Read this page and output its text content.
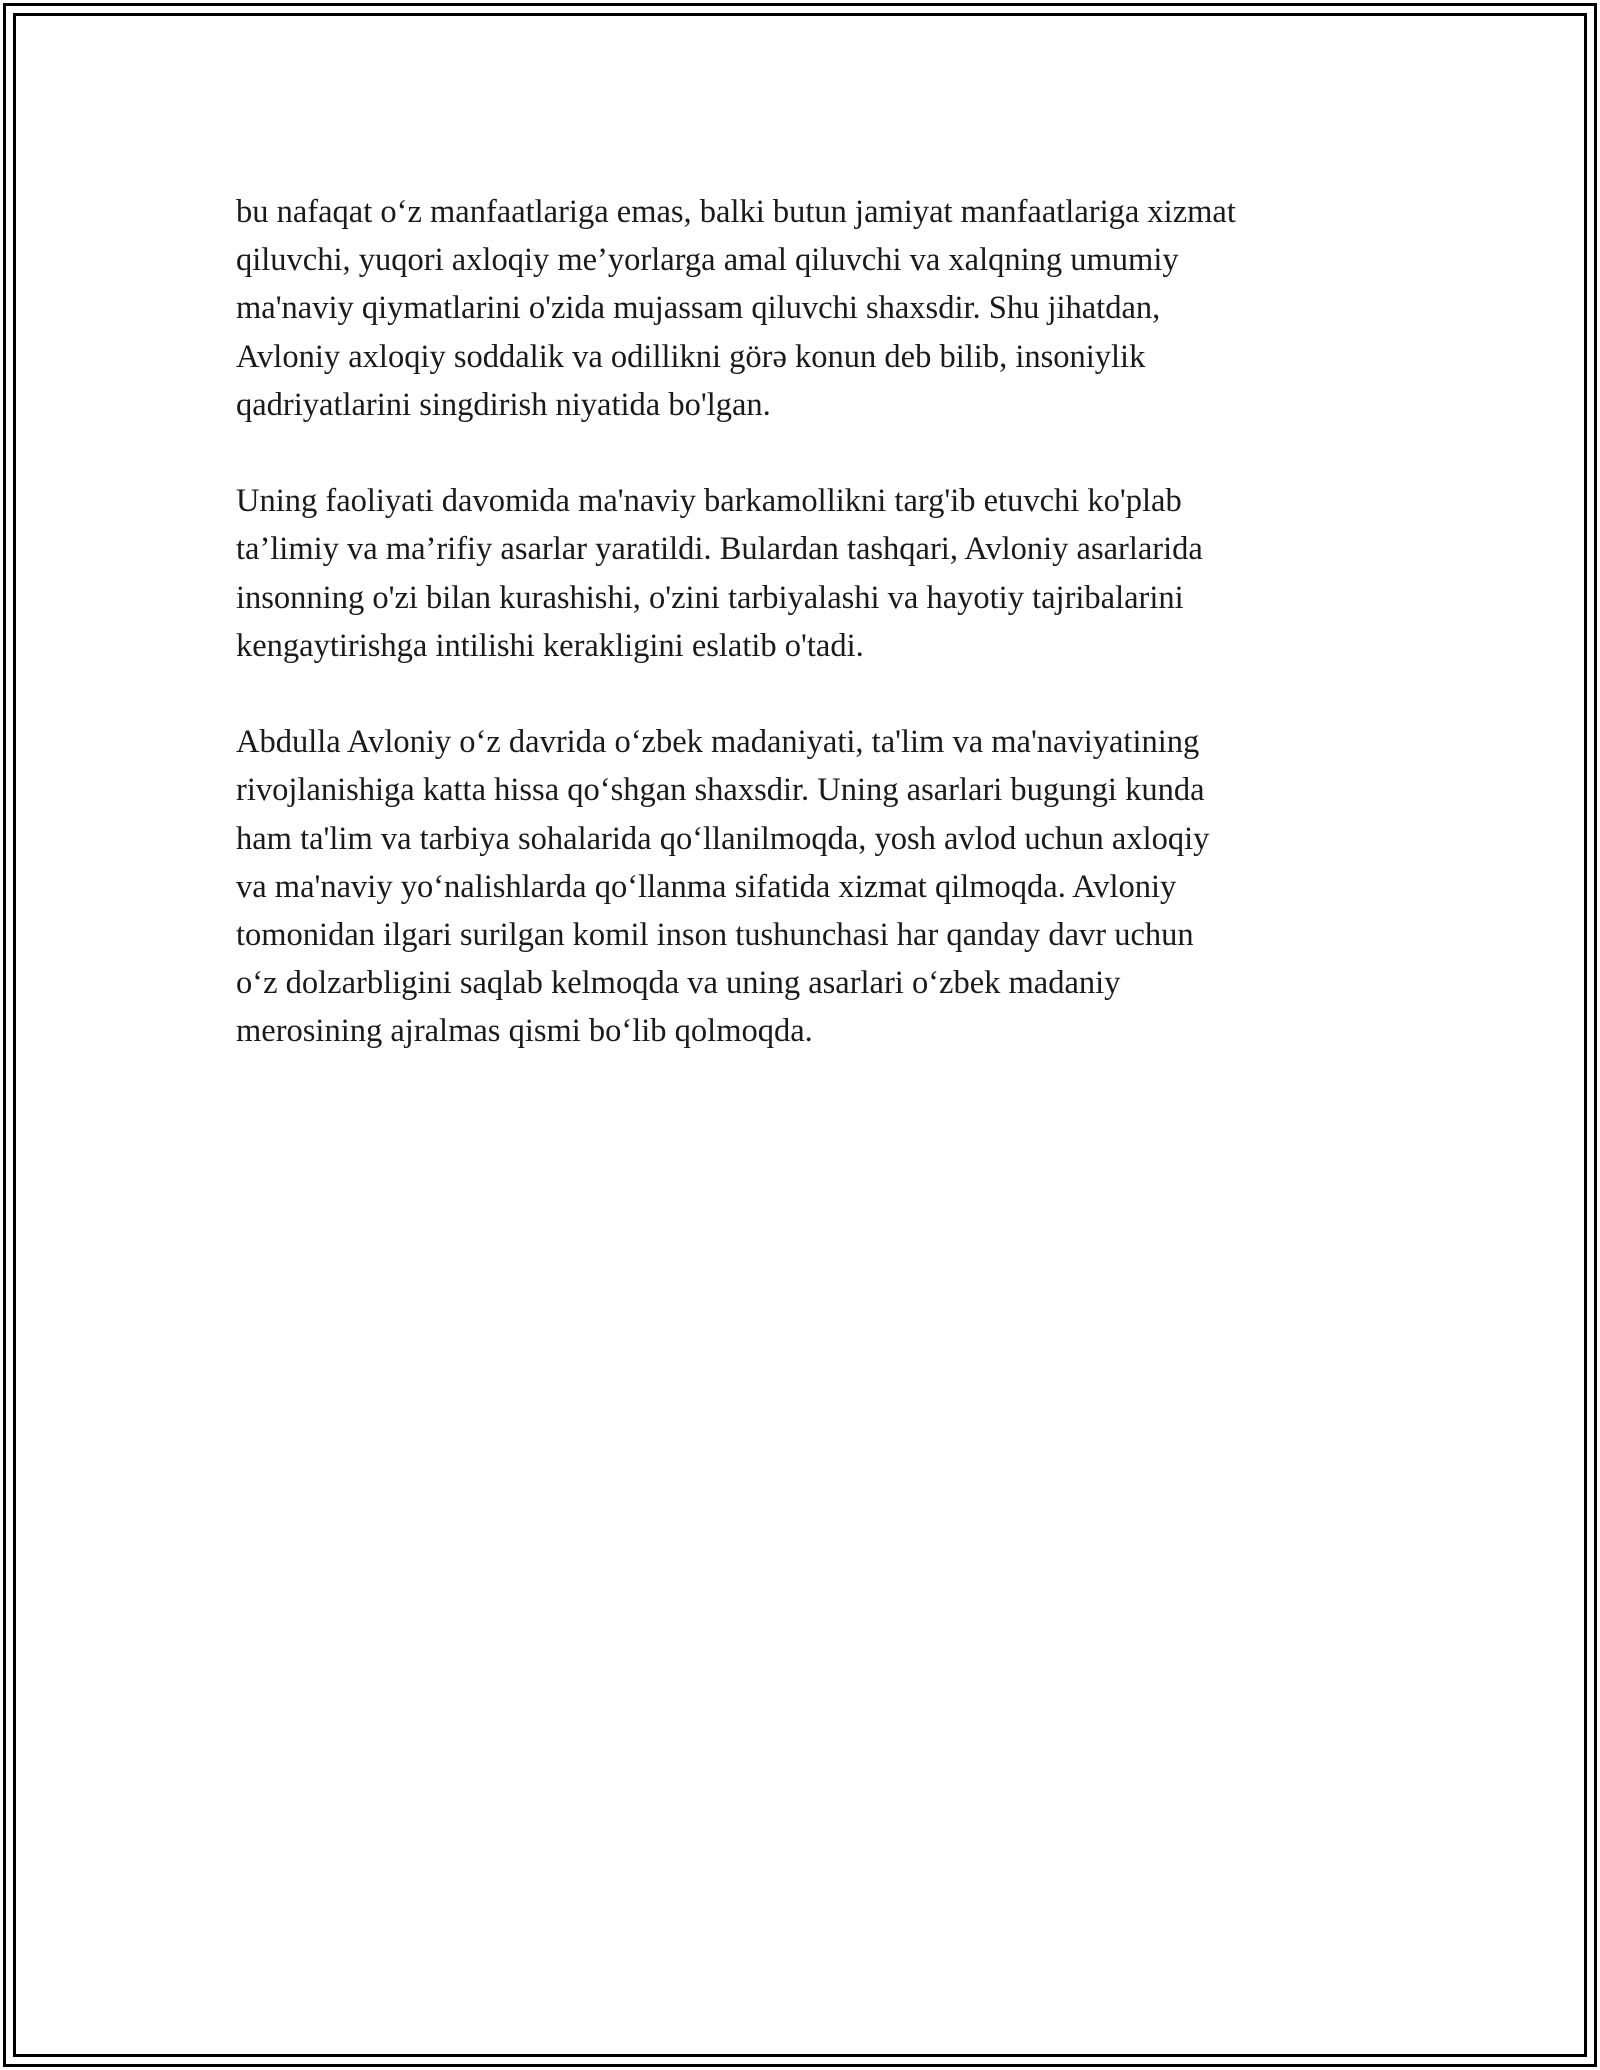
bu nafaqat o‘z manfaatlariga emas, balki butun jamiyat manfaatlariga xizmat
qiluvchi, yuqori axloqiy me’yorlarga amal qiluvchi va xalqning umumiy
ma'naviy qiymatlarini o'zida mujassam qiluvchi shaxsdir. Shu jihatdan,
Avloniy axloqiy soddalik va odillikni görə konun deb bilib, insoniylik
qadriyatlarini singdirish niyatida bo'lgan.

Uning faoliyati davomida ma'naviy barkamollikni targ'ib etuvchi ko'plab
ta’limiy va ma’rifiy asarlar yaratildi. Bulardan tashqari, Avloniy asarlarida
insonning o'zi bilan kurashishi, o'zini tarbiyalashi va hayotiy tajribalarini
kengaytirishga intilishi kerakligini eslatib o'tadi.

Abdulla Avloniy o‘z davrida o‘zbek madaniyati, ta'lim va ma'naviyatining
rivojlanishiga katta hissa qo‘shgan shaxsdir. Uning asarlari bugungi kunda
ham ta'lim va tarbiya sohalarida qo‘llanilmoqda, yosh avlod uchun axloqiy
va ma'naviy yo‘nalishlarda qo‘llanma sifatida xizmat qilmoqda. Avloniy
tomonidan ilgari surilgan komil inson tushunchasi har qanday davr uchun
o‘z dolzarbligini saqlab kelmoqda va uning asarlari o‘zbek madaniy
merosining ajralmas qismi bo‘lib qolmoqda.
